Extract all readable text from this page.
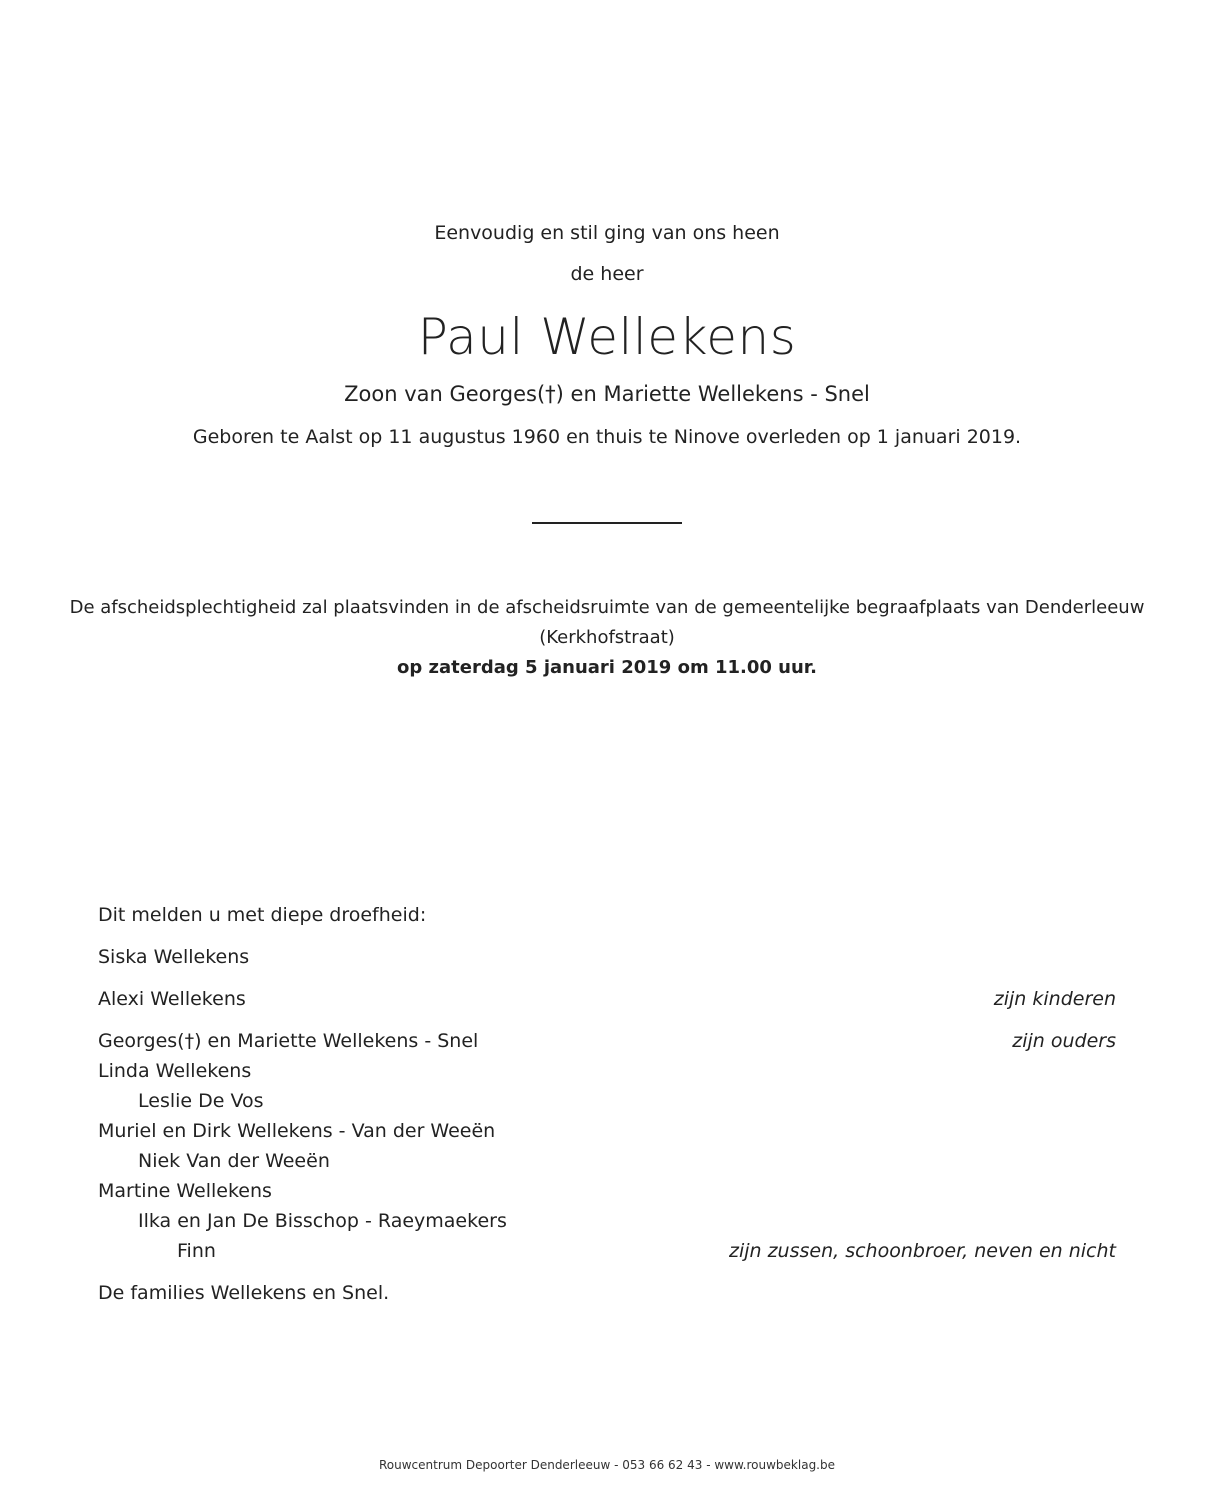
Eenvoudig en stil ging van ons heen
de heer
Paul Wellekens
Zoon van Georges(†) en Mariette Wellekens - Snel
Geboren te Aalst op 11 augustus 1960 en thuis te Ninove overleden op 1 januari 2019.
De afscheidsplechtigheid zal plaatsvinden in de afscheidsruimte van de gemeentelijke begraafplaats van Denderleeuw
(Kerkhofstraat)
op zaterdag 5 januari 2019 om 11.00 uur.
Dit melden u met diepe droefheid:
Siska Wellekens
Alexi Wellekens	zijn kinderen
Georges(†) en Mariette Wellekens - Snel	zijn ouders
Linda Wellekens
Leslie De Vos
Muriel en Dirk Wellekens - Van der Weeën
Niek Van der Weeën
Martine Wellekens
Ilka en Jan De Bisschop - Raeymaekers
Finn	zijn zussen, schoonbroer, neven en nicht
De families Wellekens en Snel.
Rouwcentrum Depoorter Denderleeuw - 053 66 62 43 - www.rouwbeklag.be
